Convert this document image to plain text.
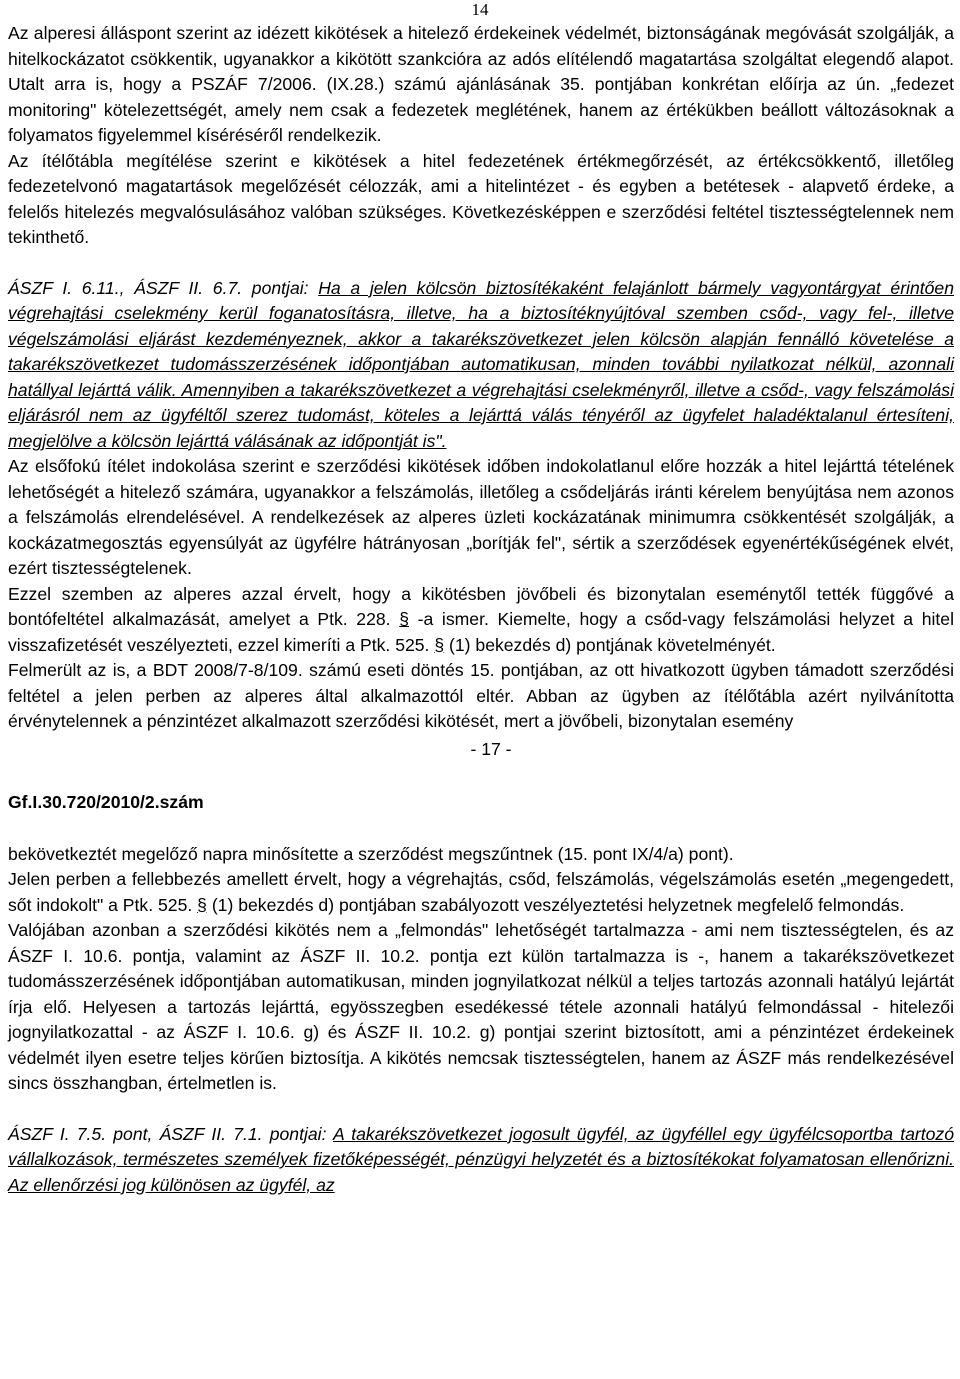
14

Az alperesi álláspont szerint az idézett kikötések a hitelező érdekeinek védelmét, biztonságának megóvását szolgálják, a hitelkockázatot csökkentik, ugyanakkor a kikötött szankcióra az adós elítélendő magatartása szolgáltat elegendő alapot. Utalt arra is, hogy a PSZÁF 7/2006. (IX.28.) számú ajánlásának 35. pontjában konkrétan előírja az ún. „fedezet monitoring" kötelezettségét, amely nem csak a fedezetek meglétének, hanem az értékükben beállott változásoknak a folyamatos figyelemmel kíséréséről rendelkezik.

Az ítélőtábla megítélése szerint e kikötések a hitel fedezetének értékmegőrzését, az értékcsökkentő, illetőleg fedezetelvonó magatartások megelőzését célozzák, ami a hitelintézet - és egyben a betétesek - alapvető érdeke, a felelős hitelezés megvalósulásához valóban szükséges. Következésképpen e szerződési feltétel tisztességtelennek nem tekinthető.

ÁSZF I. 6.11., ÁSZF II. 6.7. pontjai: Ha a jelen kölcsön biztosítékaként felajánlott bármely vagyontárgyat érintően végrehajtási cselekmény kerül foganatosításra, illetve, ha a biztosítéknyújtóval szemben csőd-, vagy fel-, illetve végelszámolási eljárást kezdeményeznek, akkor a takarékszövetkezet jelen kölcsön alapján fennálló követelése a takarékszövetkezet tudomásszerzésének időpontjában automatikusan, minden további nyilatkozat nélkül, azonnali hatállyal lejárttá válik. Amennyiben a takarékszövetkezet a végrehajtási cselekményről, illetve a csőd-, vagy felszámolási eljárásról nem az ügyféltől szerez tudomást, köteles a lejárttá válás tényéről az ügyfelet haladéktalanul értesíteni, megjelölve a kölcsön lejárttá válásának az időpontját is".

Az elsőfokú ítélet indokolása szerint e szerződési kikötések időben indokolatlanul előre hozzák a hitel lejárttá tételének lehetőségét a hitelező számára, ugyanakkor a felszámolás, illetőleg a csődeljárás iránti kérelem benyújtása nem azonos a felszámolás elrendelésével. A rendelkezések az alperes üzleti kockázatának minimumra csökkentését szolgálják, a kockázatmegosztás egyensúlyát az ügyfélre hátrányosan „borítják fel", sértik a szerződések egyenértékűségének elvét, ezért tisztességtelenek.

Ezzel szemben az alperes azzal érvelt, hogy a kikötésben jövőbeli és bizonytalan eseménytől tették függővé a bontófeltétel alkalmazását, amelyet a Ptk. 228. § -a ismer. Kiemelte, hogy a csőd-vagy felszámolási helyzet a hitel visszafizetését veszélyezteti, ezzel kimeríti a Ptk. 525. § (1) bekezdés d) pontjának követelményét.

Felmerült az is, a BDT 2008/7-8/109. számú eseti döntés 15. pontjában, az ott hivatkozott ügyben támadott szerződési feltétel a jelen perben az alperes által alkalmazottól eltér. Abban az ügyben az ítélőtábla azért nyilvánította érvénytelennek a pénzintézet alkalmazott szerződési kikötését, mert a jövőbeli, bizonytalan esemény

- 17 -
Gf.I.30.720/2010/2.szám

bekövetkeztét megelőző napra minősítette a szerződést megszűntnek (15. pont IX/4/a) pont).

Jelen perben a fellebbezés amellett érvelt, hogy a végrehajtás, csőd, felszámolás, végelszámolás esetén „megengedett, sőt indokolt" a Ptk. 525. § (1) bekezdés d) pontjában szabályozott veszélyeztetési helyzetnek megfelelő felmondás.

Valójában azonban a szerződési kikötés nem a „felmondás" lehetőségét tartalmazza - ami nem tisztességtelen, és az ÁSZF I. 10.6. pontja, valamint az ÁSZF II. 10.2. pontja ezt külön tartalmazza is -, hanem a takarékszövetkezet tudomásszerzésének időpontjában automatikusan, minden jognyilatkozat nélkül a teljes tartozás azonnali hatályú lejártát írja elő. Helyesen a tartozás lejárttá, egyösszegben esedékessé tétele azonnali hatályú felmondással - hitelezői jognyilatkozattal - az ÁSZF I. 10.6. g) és ÁSZF II. 10.2. g) pontjai szerint biztosított, ami a pénzintézet érdekeinek védelmét ilyen esetre teljes körűen biztosítja. A kikötés nemcsak tisztességtelen, hanem az ÁSZF más rendelkezésével sincs összhangban, értelmetlen is.

ÁSZF I. 7.5. pont, ÁSZF II. 7.1. pontjai: A takarékszövetkezet jogosult ügyfél, az ügyféllel egy ügyfélcsoportba tartozó vállalkozások, természetes személyek fizetőképességét, pénzügyi helyzetét és a biztosítékokat folyamatosan ellenőrizni. Az ellenőrzési jog különösen az ügyfél, az
